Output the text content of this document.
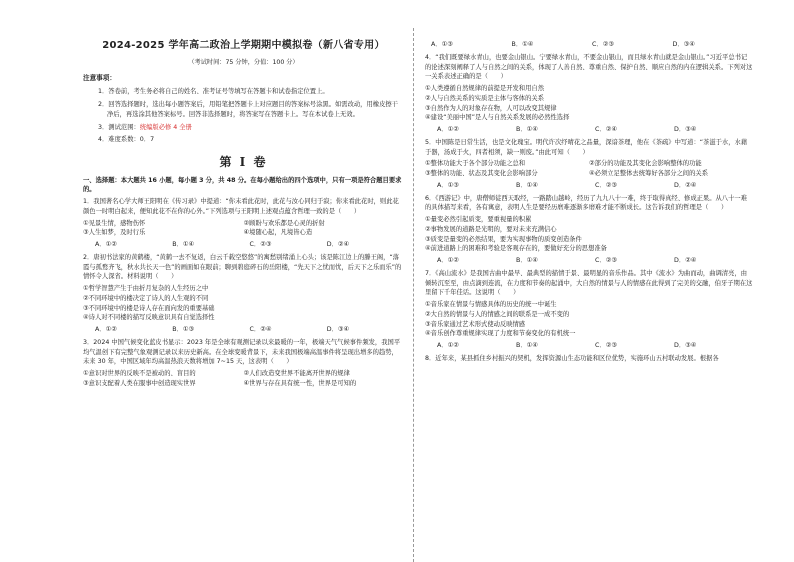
2024-2025 学年高二政治上学期期中模拟卷（新八省专用）
（考试时间：75 分钟，分值：100 分）
注意事项：
1．答卷前，考生务必将自己的姓名、准考证号等填写在答题卡和试卷指定位置上。
2．回答选择题时，选出每小题答案后，用铅笔把答题卡上对应题目的答案标号涂黑。如需改动，用橡皮擦干净后，再选涂其他答案标号。回答非选择题时，将答案写在答题卡上。写在本试卷上无效。
3．测试范围：统编版必修 4 全册
4．难度系数：0．7
第 I 卷
一、选择题：本大题共 16 小题，每小题 3 分，共 48 分。在每小题给出的四个选项中，只有一项是符合题目要求的。
1．我国著名心学大师王阳明在《传习录》中提道：“你未看此花时，此花与汝心同归于寂；你来看此花时，则此花颜色一时明白起来，便知此花不在你的心外。”下列选项与王阳明上述观点蕴含哲理一致的是（　　）
①见景生情，感物伤怀	②顾盼与欢乐都是心灵的折射
③人生如梦，及时行乐	④境随心起，凡境皆心造
A．①②	B．①④	C．②③	D．②④
2．唐初书法家的黄鹤楼，“黄鹤一去不复返，白云千载空悠悠”的寓愁别绪涌上心头；该是陈江边上的滕王阁，“落霞与孤鹜齐飞，秋水共长天一色”的画面如在眼前；聊到碧庭碎石的岳阳楼，“先天下之忧而忧，后天下之乐而乐”的情怀令人深省。材料说明（　　）
①哲学智慧产生于由折月复杂的人生经历之中
②不同环境中的楼决定了诗人的人生观的不同
③不同环境中的楼是诗人存在面向发的重要基础
④诗人对不同楼的描写反映意识具有自觉选择性
A．①②	B．①③	C．②④	D．③④
3．2024 中国气候变化蓝皮书显示：2023 年是全球有观测记录以来最暖的一年，极端天气气候事件频发，我国平均气温创下有完整气象观测记录以来历史新高。在全球变暖背景下，未来我国极端高温事件将呈现出增多的趋势，未来 30 年，中国区域年均高温热浪天数将增加 7~15 天，这表明（　　）
①意识对世界的反映不是被动的、盲目的	②人们改造变世界不能离开世界的规律
③意识支配着人类在服事中创造现实世界	④世界与存在具有统一性，世界是可知的
A．①③	B．①④	C．②③	D．③④
4．“我们既要绿水青山，也要金山银山。宁要绿水青山，不要金山银山，而且绿水青山就是金山银山。”习近平总书记的论述深刻阐释了人与自然之间的关系，体现了人善自然、尊重自然、保护自然、顺应自然的内在逻辑关系。下列对这一关系表述正确的是（　　）
①人类遵循自然规律的前提是开发和用自然
②人与自然关系的实质是主体与客体的关系
③自然作为人的对象存在物，人可以改变其规律
④建设“美丽中国”是人与自然关系发展的必然性选择
A．①②	B．①④	C．②④	D．③④
5．中国陈是日常生活，也是文化瑰宝。明代许次纾晴花之品量，深谙茶理，他在《茶疏》中写道：“茶滋于水，水藉于器，汤成于火，四者相须，缺一则废。”由此可知（　　）
①整体功能大于各个部分功能之总和	②部分的功能及其变化会影响整体的功能
③整体的功能、状态及其变化会影响部分	④必须立足整体去统筹好各部分之间的关系
A．①③	B．①④	C．②③	D．②④
6．《西游记》中，唐僧师徒西天取经，一路踏山越岭，经历了九九八十一难，终于取得真经、修成正果。从八十一难的具体描写来看，各有寓意，表明人生是要经历磨难逐渐多磨难才能不断成长。这告诉我们的哲理是（　　）
①量变必然引起质变，要重视量的积累
②事物发展的道路是光明的，要对未来充满信心
③质变是量变的必然结果，要为实现事物的质变创造条件
④前进道路上的困难和考验是客观存在的，要做好充分的思想准备
A．①②	B．①④	C．②③	D．②④
7．《高山流水》是我国古曲中最早、最典型的描情于景、最明显的音乐作品。其中《流水》为曲而动，曲调清亮，由倾转沉至至，由点滴到连流，在力度和节奏的起涌中，大自然的情景与人的情感在此得到了完美的交融，伯牙子期在这里留下千年佳话。这说明（　　）
①音乐家在情景与情感具体的历史的统一中诞生
②大自然的情景与人的情感之间的联系是一成不变的
③音乐家通过艺术形式使动反映情感
④音乐创作尊重规律实现了力度和节奏变化的有机统一
A．①②	B．①④	C．②③	D．③④
8．近年来，某县抓住乡村振兴的契机，发挥资源山生态功能和区位优势，实施环山五村联动发展。根据各
